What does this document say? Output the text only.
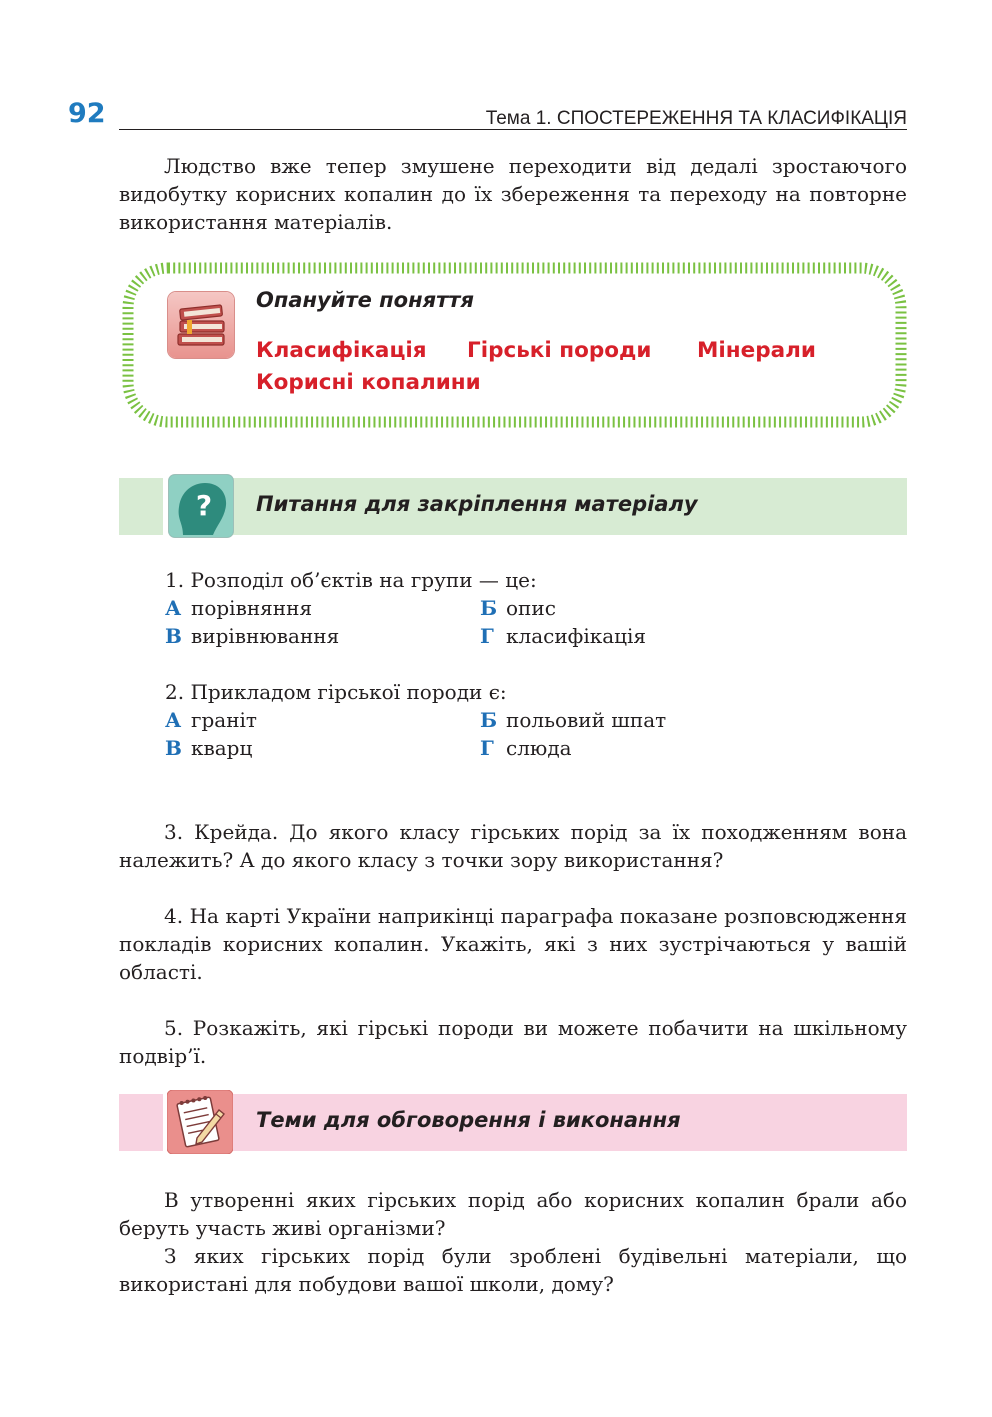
92	Тема 1. СПОСТЕРЕЖЕННЯ ТА КЛАСИФІКАЦІЯ
Людство вже тепер змушене переходити від дедалі зростаючого видобутку корисних копалин до їх збереження та переходу на повторне використання матеріалів.
Опануйте поняття
Класифікація Гірські породи Мінерали
Корисні копалини
? Питання для закріплення матеріалу
1. Розподіл об’єктів на групи — це:
А порівняння	Б опис
В вирівнювання	Г класифікація
2. Прикладом гірської породи є:
А граніт	Б польовий шпат
В кварц	Г слюда
3. Крейда. До якого класу гірських порід за їх походженням вона належить? А до якого класу з точки зору використання?
4. На карті України наприкінці параграфа показане розповсюдження покладів корисних копалин. Укажіть, які з них зустрічаються у вашій області.
5. Розкажіть, які гірські породи ви можете побачити на шкільному подвір’ї.
Теми для обговорення і виконання
В утворенні яких гірських порід або корисних копалин брали або беруть участь живі організми?
З яких гірських порід були зроблені будівельні матеріали, що використані для побудови вашої школи, дому?
